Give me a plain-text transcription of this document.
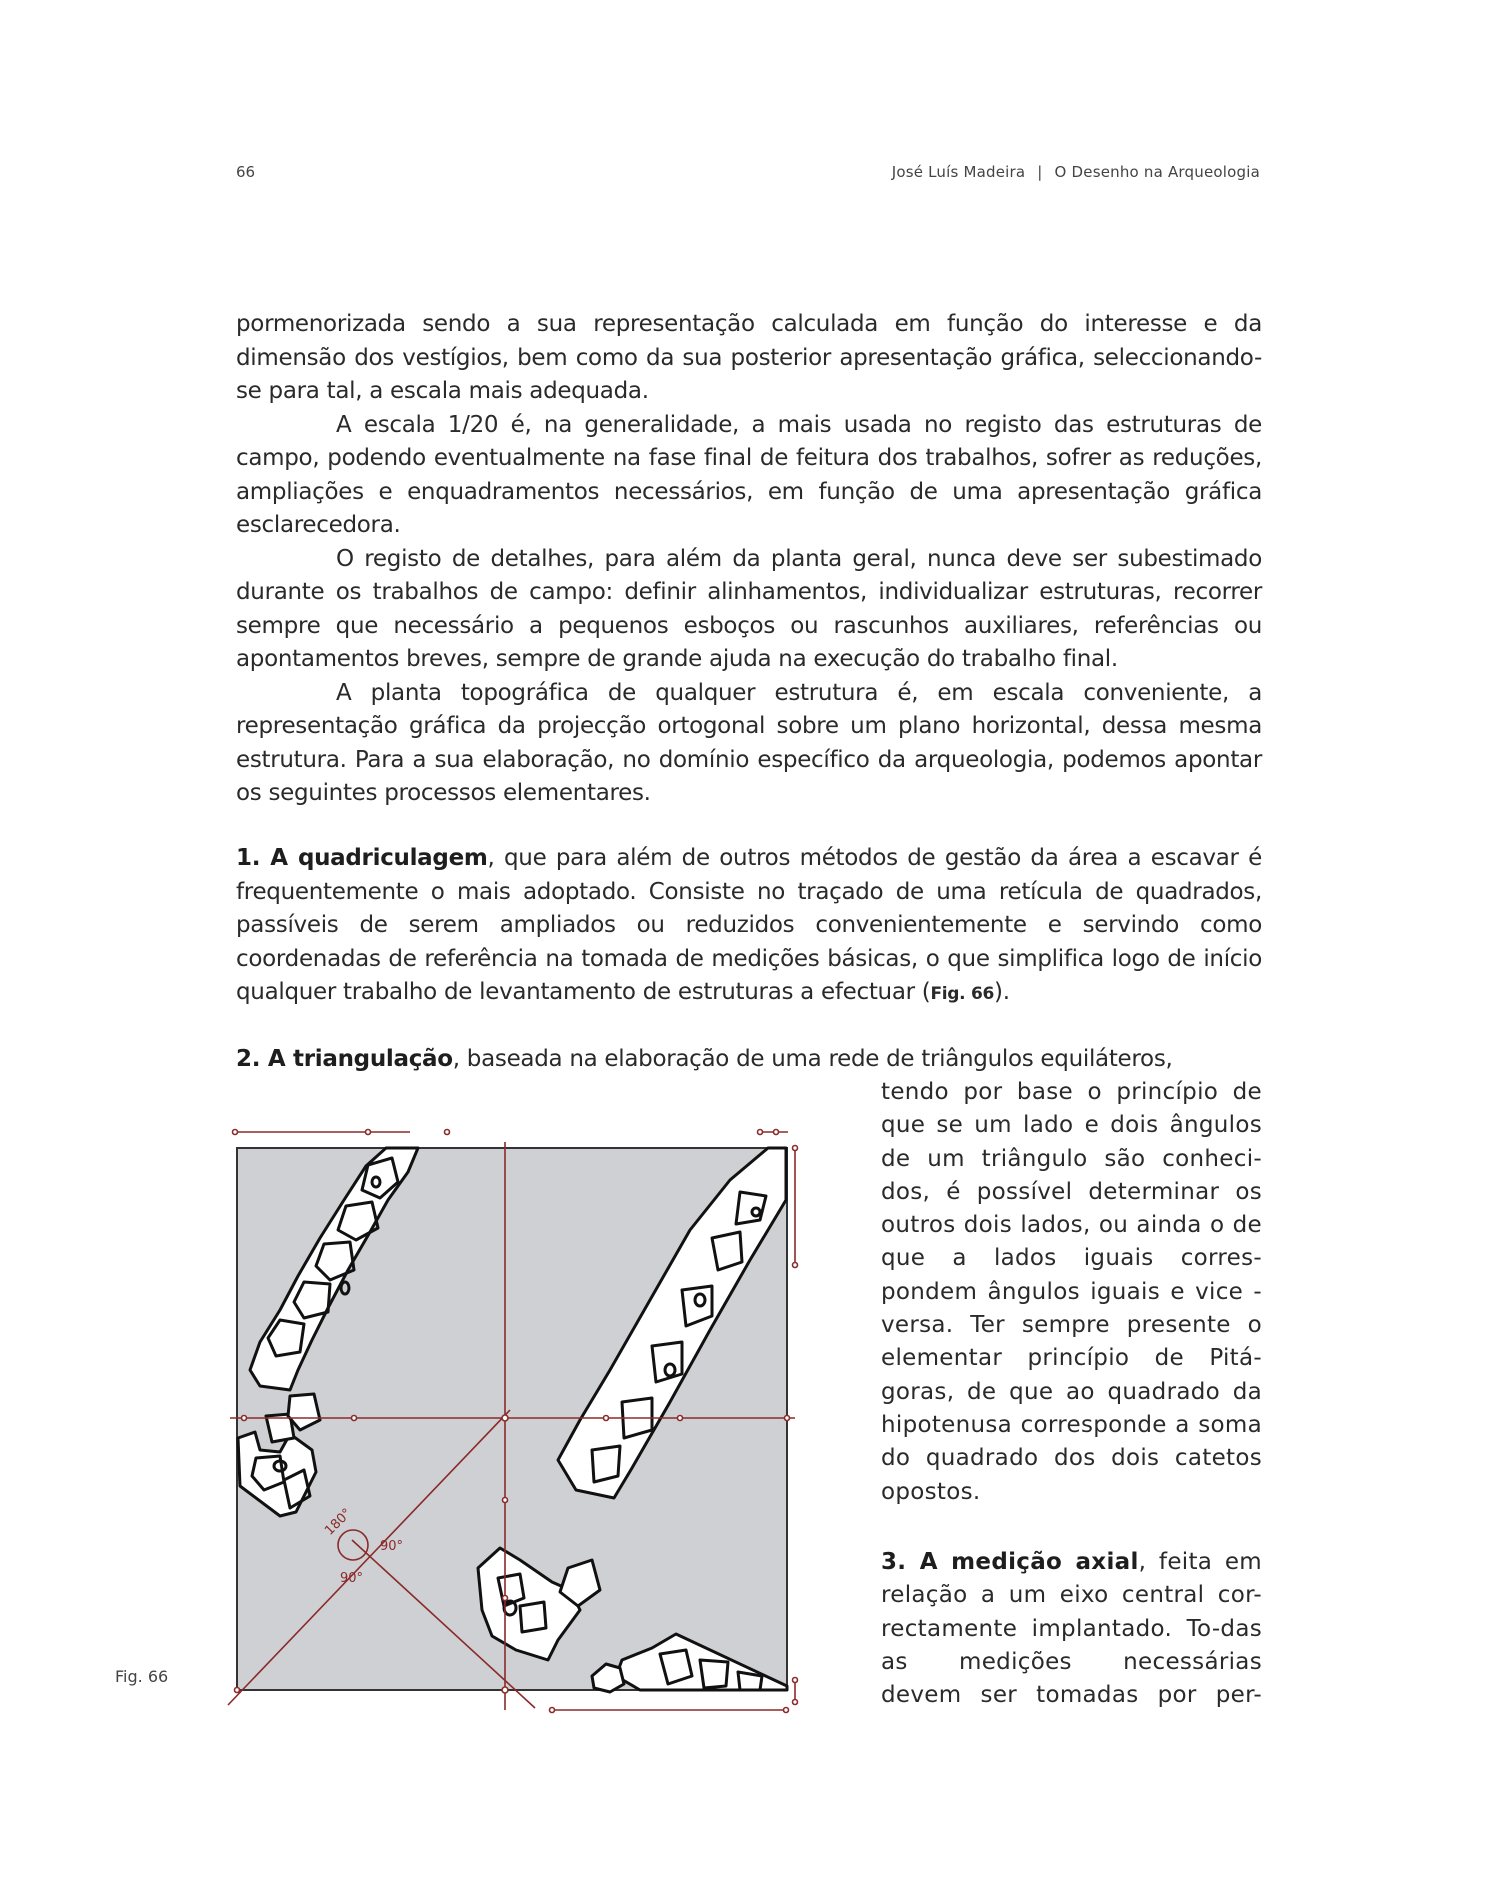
66	José Luís Madeira | O Desenho na Arqueologia

pormenorizada sendo a sua representação calculada em função do interesse e da dimensão dos vestígios, bem como da sua posterior apresentação gráfica, seleccionando-se para tal, a escala mais adequada.

A escala 1/20 é, na generalidade, a mais usada no registo das estruturas de campo, podendo eventualmente na fase final de feitura dos trabalhos, sofrer as reduções, ampliações e enquadramentos necessários, em função de uma apresentação gráfica esclarecedora.

O registo de detalhes, para além da planta geral, nunca deve ser subestimado durante os trabalhos de campo: definir alinhamentos, individualizar estruturas, recorrer sempre que necessário a pequenos esboços ou rascunhos auxiliares, referências ou apontamentos breves, sempre de grande ajuda na execução do trabalho final.

A planta topográfica de qualquer estrutura é, em escala conveniente, a representação gráfica da projecção ortogonal sobre um plano horizontal, dessa mesma estrutura. Para a sua elaboração, no domínio específico da arqueologia, podemos apontar os seguintes processos elementares.

1. A quadriculagem, que para além de outros métodos de gestão da área a escavar é frequentemente o mais adoptado. Consiste no traçado de uma retícula de quadrados, passíveis de serem ampliados ou reduzidos convenientemente e servindo como coordenadas de referência na tomada de medições básicas, o que simplifica logo de início qualquer trabalho de levantamento de estruturas a efectuar (Fig. 66).

2. A triangulação, baseada na elaboração de uma rede de triângulos equiláteros,

tendo por base o princípio de que se um lado e dois ângulos de um triângulo são conheci-dos, é possível determinar os outros dois lados, ou ainda o de que a lados iguais corres-pondem ângulos iguais e vice - versa. Ter sempre presente o elementar princípio de Pitá-goras, de que ao quadrado da hipotenusa corresponde a soma do quadrado dos dois catetos opostos.

3. A medição axial, feita em relação a um eixo central cor-rectamente implantado. To-das as medições necessárias devem ser tomadas por per-

Fig. 66
180°
90°
90°
